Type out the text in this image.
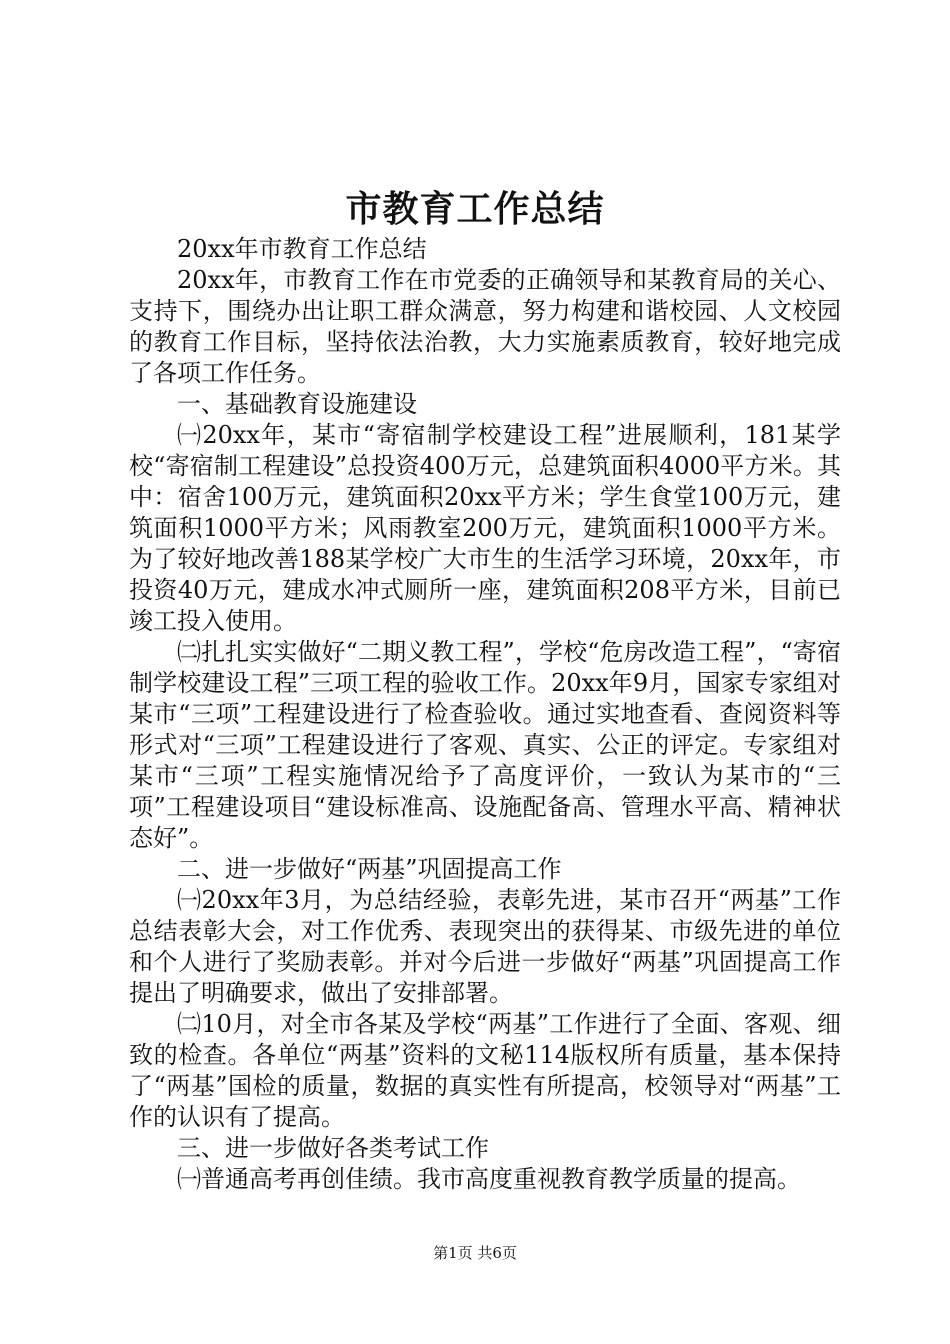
市教育工作总结

20xx年市教育工作总结

20xx年，市教育工作在市党委的正确领导和某教育局的关心、支持下，围绕办出让职工群众满意，努力构建和谐校园、人文校园的教育工作目标，坚持依法治教，大力实施素质教育，较好地完成了各项工作任务。

一、基础教育设施建设

㈠20xx年，某市“寄宿制学校建设工程”进展顺利，181某学校“寄宿制工程建设”总投资400万元，总建筑面积4000平方米。其中：宿舍100万元，建筑面积20xx平方米；学生食堂100万元，建筑面积1000平方米；风雨教室200万元，建筑面积1000平方米。为了较好地改善188某学校广大市生的生活学习环境，20xx年，市投资40万元，建成水冲式厕所一座，建筑面积208平方米，目前已竣工投入使用。

㈡扎扎实实做好“二期义教工程”，学校“危房改造工程”，“寄宿制学校建设工程”三项工程的验收工作。20xx年9月，国家专家组对某市“三项”工程建设进行了检查验收。通过实地查看、查阅资料等形式对“三项”工程建设进行了客观、真实、公正的评定。专家组对某市“三项”工程实施情况给予了高度评价，一致认为某市的“三项”工程建设项目“建设标准高、设施配备高、管理水平高、精神状态好”。

二、进一步做好“两基”巩固提高工作

㈠20xx年3月，为总结经验，表彰先进，某市召开“两基”工作总结表彰大会，对工作优秀、表现突出的获得某、市级先进的单位和个人进行了奖励表彰。并对今后进一步做好“两基”巩固提高工作提出了明确要求，做出了安排部署。

㈡10月，对全市各某及学校“两基”工作进行了全面、客观、细致的检查。各单位“两基”资料的文秘114版权所有质量，基本保持了“两基”国检的质量，数据的真实性有所提高，校领导对“两基”工作的认识有了提高。

三、进一步做好各类考试工作

㈠普通高考再创佳绩。我市高度重视教育教学质量的提高。

第1页 共6页
